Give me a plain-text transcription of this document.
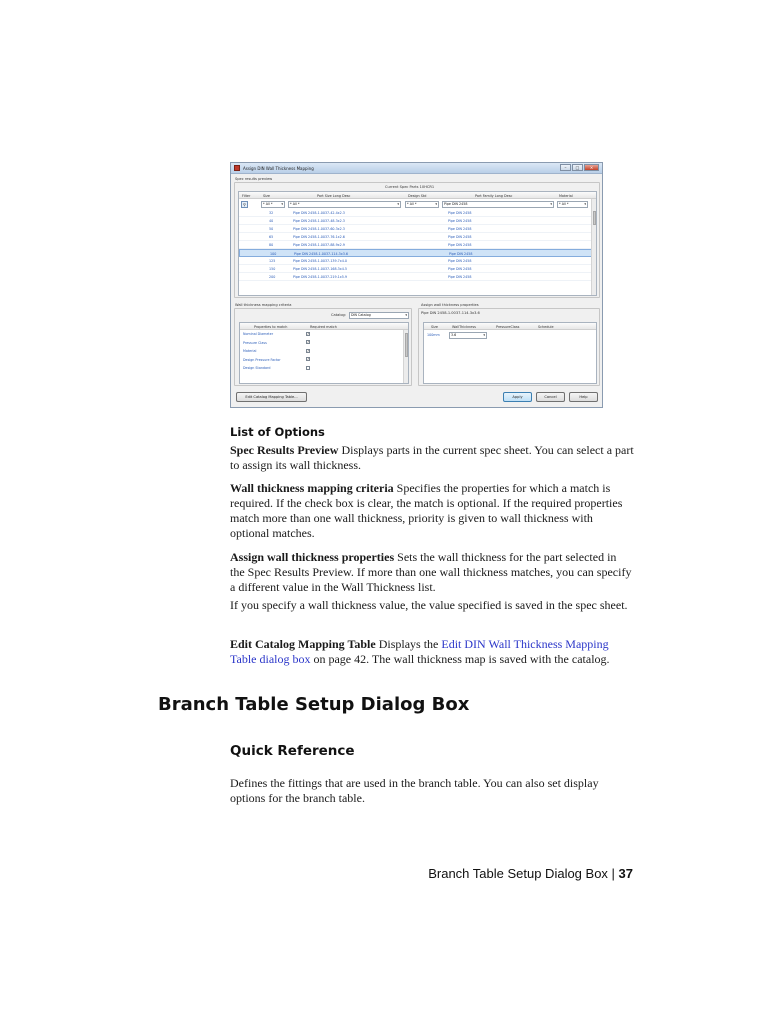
Assign DIN Wall Thickness Mapping	–	□	×
Spec results preview
Current Spec Parts 10HCR1
Filter	Size	Part Size Long Desc	Design Std	Part Family Long Desc	Material
⚲	* All * ▾	* All * ▾	* All * ▾	Pipe DIN 2458 ▾	* All * ▾
32	Pipe DIN 2458-1.0037-42.4x2.3	Pipe DIN 2458
40	Pipe DIN 2458-1.0037-48.3x2.3	Pipe DIN 2458
50	Pipe DIN 2458-1.0037-60.3x2.3	Pipe DIN 2458
65	Pipe DIN 2458-1.0037-76.1x2.6	Pipe DIN 2458
80	Pipe DIN 2458-1.0037-88.9x2.9	Pipe DIN 2458
100	Pipe DIN 2458-1.0037-114.3x3.6	Pipe DIN 2458
125	Pipe DIN 2458-1.0037-139.7x4.0	Pipe DIN 2458
150	Pipe DIN 2458-1.0037-168.3x4.5	Pipe DIN 2458
200	Pipe DIN 2458-1.0037-219.1x5.9	Pipe DIN 2458
Wall thickness mapping criteria
Catalog:	DIN Catalog ▾
Properties to match	Required match
Nominal Diameter	✓
Pressure Class	✓
Material	✓
Design Pressure Factor	✓
Design Standard
Assign wall thickness properties
Pipe DIN 2458-1.0037-114.3x3.6
Size	WallThickness	PressureClass	Schedule
100mm	3.6 ▾
Edit Catalog Mapping Table...	Apply	Cancel	Help
List of Options

Spec Results Preview Displays parts in the current spec sheet. You can select a part to assign its wall thickness.

Wall thickness mapping criteria Specifies the properties for which a match is required. If the check box is clear, the match is optional. If the required properties match more than one wall thickness, priority is given to wall thickness with optional matches.

Assign wall thickness properties Sets the wall thickness for the part selected in the Spec Results Preview. If more than one wall thickness matches, you can specify a different value in the Wall Thickness list.

If you specify a wall thickness value, the value specified is saved in the spec sheet.

Edit Catalog Mapping Table Displays the Edit DIN Wall Thickness Mapping Table dialog box on page 42. The wall thickness map is saved with the catalog.

Branch Table Setup Dialog Box
Quick Reference

Defines the fittings that are used in the branch table. You can also set display options for the branch table.

Branch Table Setup Dialog Box | 37
